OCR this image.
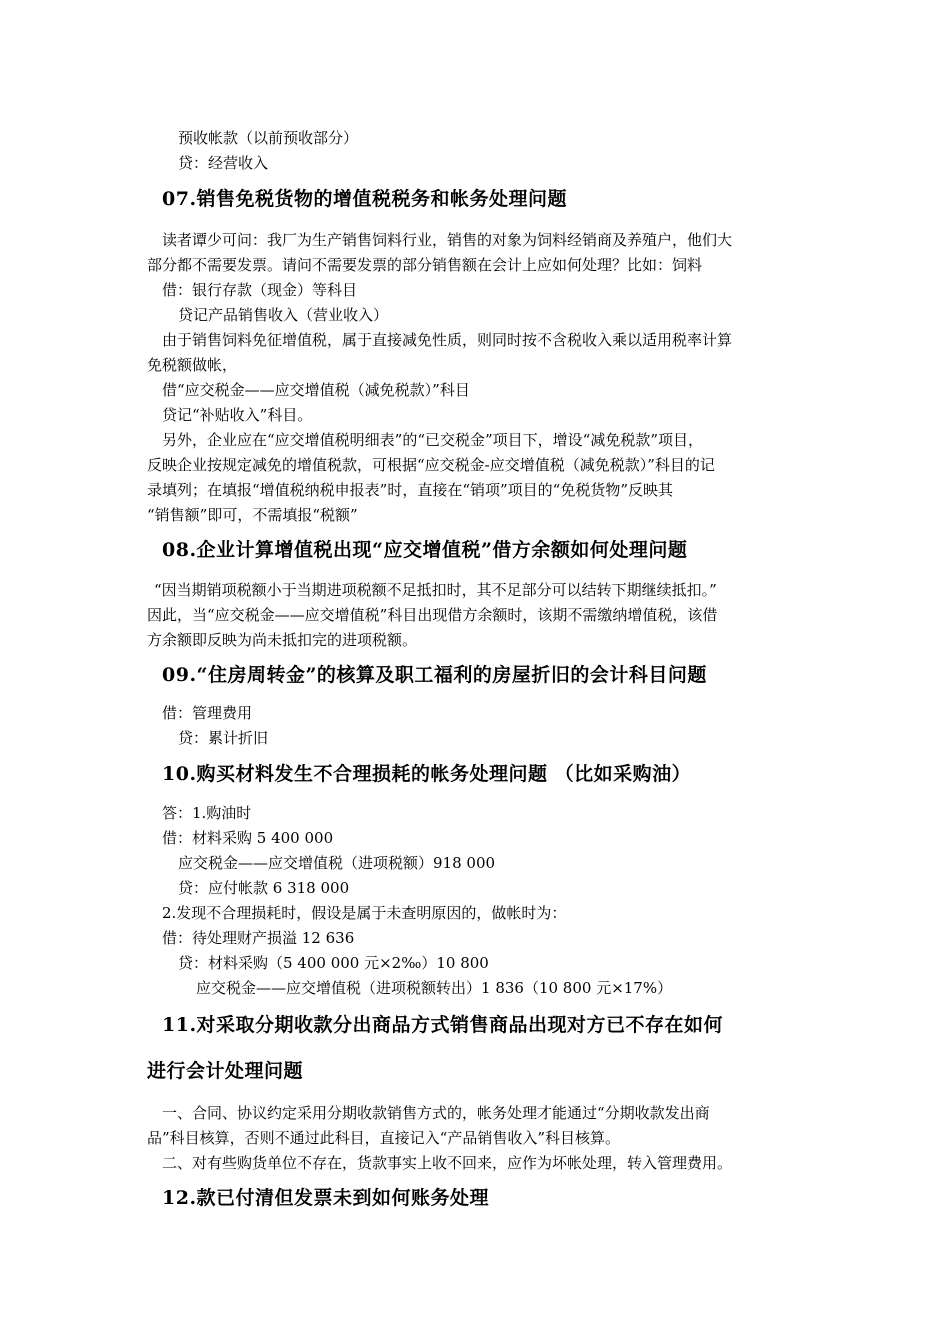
预收帐款（以前预收部分）
贷：经营收入
07.销售免税货物的增值税税务和帐务处理问题
读者谭少可问：我厂为生产销售饲料行业，销售的对象为饲料经销商及养殖户，他们大
部分都不需要发票。请问不需要发票的部分销售额在会计上应如何处理？比如：饲料
借：银行存款（现金）等科目
贷记产品销售收入（营业收入）
由于销售饲料免征增值税，属于直接减免性质，则同时按不含税收入乘以适用税率计算
免税额做帐，
借“应交税金——应交增值税（减免税款）”科目
贷记“补贴收入”科目。
另外，企业应在“应交增值税明细表”的“已交税金”项目下，增设“减免税款”项目，
反映企业按规定减免的增值税款，可根据“应交税金-应交增值税（减免税款）”科目的记
录填列；在填报“增值税纳税申报表”时，直接在“销项”项目的“免税货物”反映其
“销售额”即可，不需填报“税额”
08.企业计算增值税出现“应交增值税”借方余额如何处理问题
“因当期销项税额小于当期进项税额不足抵扣时，其不足部分可以结转下期继续抵扣。”
因此，当“应交税金——应交增值税”科目出现借方余额时，该期不需缴纳增值税，该借
方余额即反映为尚未抵扣完的进项税额。
09.“住房周转金”的核算及职工福利的房屋折旧的会计科目问题
借：管理费用
贷：累计折旧
10.购买材料发生不合理损耗的帐务处理问题 （比如采购油）
答：1.购油时
借：材料采购 5 400 000
应交税金——应交增值税（进项税额）918 000
贷：应付帐款 6 318 000
2.发现不合理损耗时，假设是属于未查明原因的，做帐时为：
借：待处理财产损溢 12 636
贷：材料采购（5 400 000 元×2‰）10 800
应交税金——应交增值税（进项税额转出）1 836（10 800 元×17%）
11.对采取分期收款分出商品方式销售商品出现对方已不存在如何
进行会计处理问题
一、合同、协议约定采用分期收款销售方式的，帐务处理才能通过“分期收款发出商
品”科目核算，否则不通过此科目，直接记入“产品销售收入”科目核算。
二、对有些购货单位不存在，货款事实上收不回来，应作为坏帐处理，转入管理费用。
12.款已付清但发票未到如何账务处理
